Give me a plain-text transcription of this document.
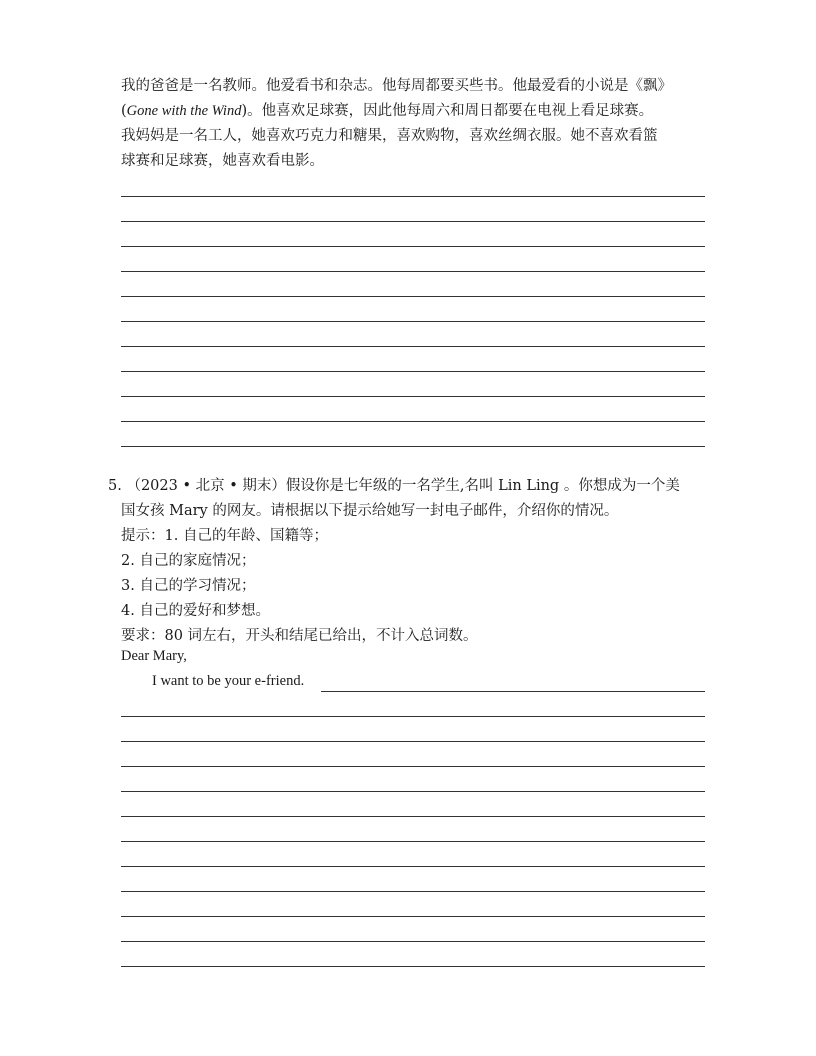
我的爸爸是一名教师。他爱看书和杂志。他每周都要买些书。他最爱看的小说是《飘》
(Gone with the Wind)。他喜欢足球赛，因此他每周六和周日都要在电视上看足球赛。
我妈妈是一名工人，她喜欢巧克力和糖果，喜欢购物，喜欢丝绸衣服。她不喜欢看篮
球赛和足球赛，她喜欢看电影。
5. （2023 • 北京 • 期末）假设你是七年级的一名学生,名叫 Lin Ling 。你想成为一个美
国女孩 Mary 的网友。请根据以下提示给她写一封电子邮件，介绍你的情况。
提示：1. 自己的年龄、国籍等；
2. 自己的家庭情况；
3. 自己的学习情况；
4. 自己的爱好和梦想。
要求：80 词左右，开头和结尾已给出，不计入总词数。
Dear Mary,
I want to be your e-friend.
